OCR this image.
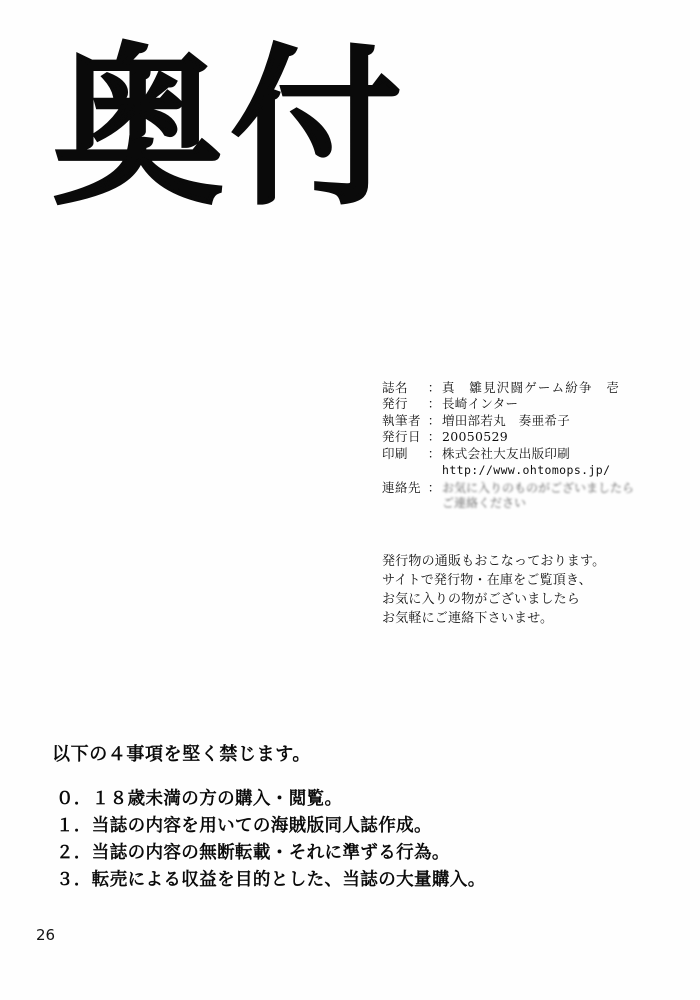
奥付
誌名	： 真　雛見沢闘ゲーム紛争　壱
発行	： 長崎インター
執筆者 ： 増田部若丸　奏亜希子
発行日 ： 20050529
印刷	： 株式会社大友出版印刷
http://www.ohtomops.jp/
連絡先 ： お気に入りのものがございましたら
ご連絡ください
発行物の通販もおこなっております。
サイトで発行物・在庫をご覧頂き、
お気に入りの物がございましたら
お気軽にご連絡下さいませ。
以下の４事項を堅く禁じます。
０．１８歳未満の方の購入・閲覧。
１．当誌の内容を用いての海賊版同人誌作成。
２．当誌の内容の無断転載・それに準ずる行為。
３．転売による収益を目的とした、当誌の大量購入。
26
